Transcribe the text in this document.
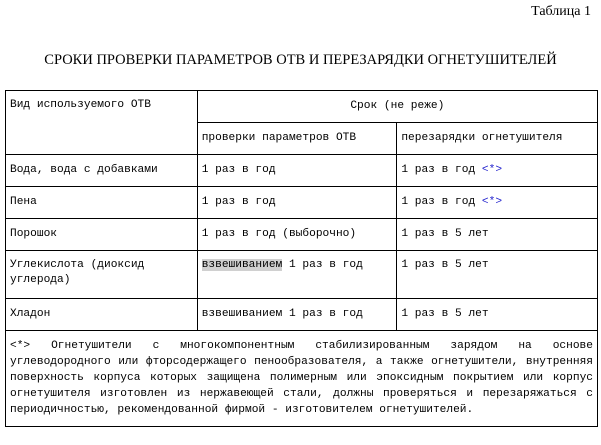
Таблица 1
СРОКИ ПРОВЕРКИ ПАРАМЕТРОВ ОТВ И ПЕРЕЗАРЯДКИ ОГНЕТУШИТЕЛЕЙ
Вид используемого ОТВ	Срок (не реже)	
	проверки параметров ОТВ	перезарядки огнетушителя
Вода, вода с добавками	1 раз в год	1 раз в год <*>
Пена	1 раз в год	1 раз в год <*>
Порошок	1 раз в год (выборочно)	1 раз в 5 лет
Углекислота (диоксид углерода)	взвешиванием 1 раз в год	1 раз в 5 лет
Хладон	взвешиванием 1 раз в год	1 раз в 5 лет
<*> Огнетушители с многокомпонентным стабилизированным зарядом на основе углеводородного или фторсодержащего пенообразователя, а также огнетушители, внутренняя поверхность корпуса которых защищена полимерным или эпоксидным покрытием или корпус огнетушителя изготовлен из нержавеющей стали, должны проверяться и перезаряжаться с периодичностью, рекомендованной фирмой - изготовителем огнетушителей.		
